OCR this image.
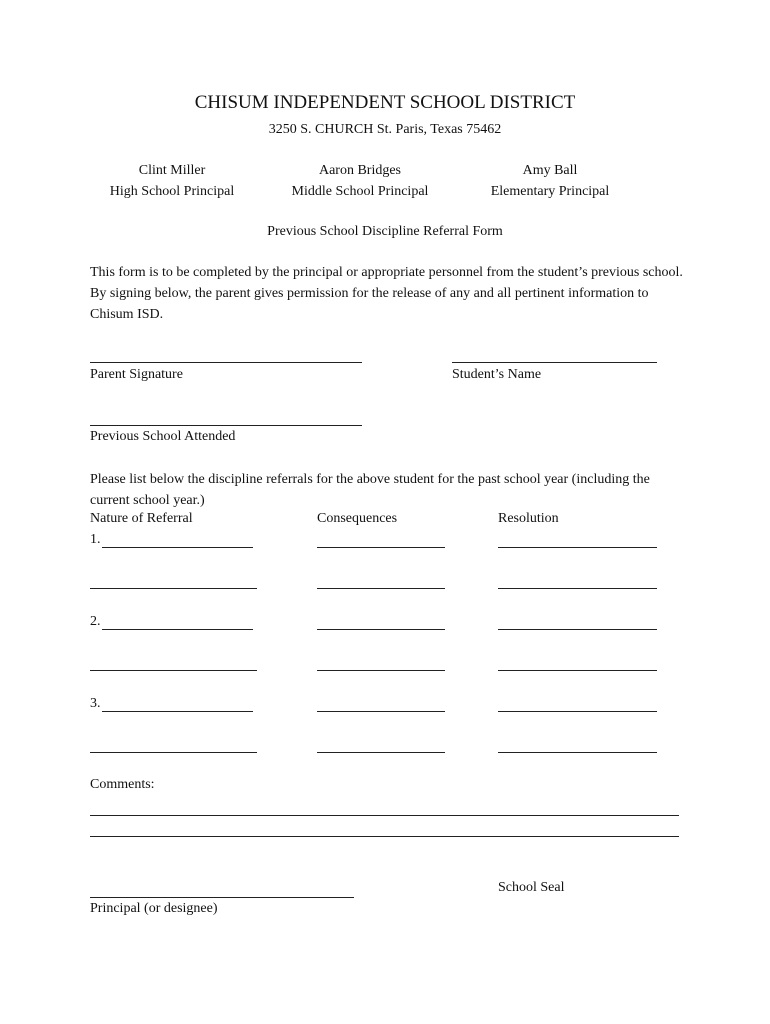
CHISUM INDEPENDENT SCHOOL DISTRICT
3250 S. CHURCH St. Paris, Texas 75462
Clint Miller
High School Principal
Aaron Bridges
Middle School Principal
Amy Ball
Elementary Principal
Previous School Discipline Referral Form
This form is to be completed by the principal or appropriate personnel from the student’s previous school. By signing below, the parent gives permission for the release of any and all pertinent information to Chisum ISD.
Parent Signature	Student’s Name
Previous School Attended
Please list below the discipline referrals for the above student for the past school year (including the current school year.)
Nature of Referral	Consequences	Resolution
1.
2.
3.
Comments:
Principal (or designee)
School Seal
